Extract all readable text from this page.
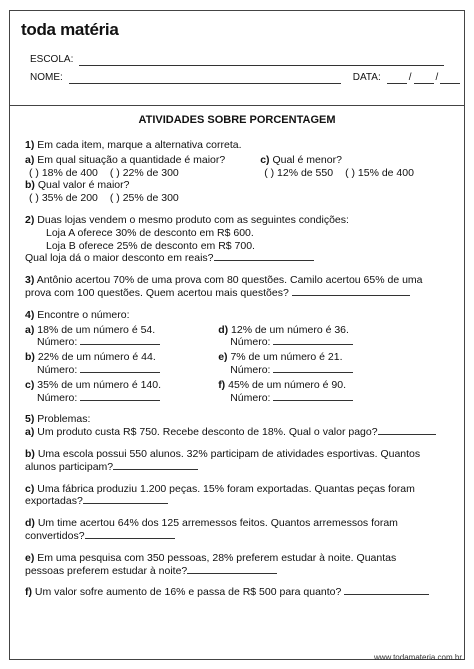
toda matéria
ESCOLA:
NOME:	DATA:	/ /
ATIVIDADES SOBRE PORCENTAGEM

1) Em cada item, marque a alternativa correta.

a) Em qual situação a quantidade é maior?

( ) 18% de 400 ( ) 22% de 300

b) Qual valor é maior?

( ) 35% de 200 ( ) 25% de 300

c) Qual é menor?

( ) 12% de 550 ( ) 15% de 400

2) Duas lojas vendem o mesmo produto com as seguintes condições:

Loja A oferece 30% de desconto em R$ 600.

Loja B oferece 25% de desconto em R$ 700.

Qual loja dá o maior desconto em reais?

3) Antônio acertou 70% de uma prova com 80 questões. Camilo acertou 65% de uma

prova com 100 questões. Quem acertou mais questões?

4) Encontre o número:

a) 18% de um número é 54.

Número:

b) 22% de um número é 44.

Número:

c) 35% de um número é 140.

Número:

d) 12% de um número é 36.

Número:

e) 7% de um número é 21.

Número:

f) 45% de um número é 90.

Número:

5) Problemas:

a) Um produto custa R$ 750. Recebe desconto de 18%. Qual o valor pago?

b) Uma escola possui 550 alunos. 32% participam de atividades esportivas. Quantos

alunos participam?

c) Uma fábrica produziu 1.200 peças. 15% foram exportadas. Quantas peças foram

exportadas?

d) Um time acertou 64% dos 125 arremessos feitos. Quantos arremessos foram

convertidos?

e) Em uma pesquisa com 350 pessoas, 28% preferem estudar à noite. Quantas

pessoas preferem estudar à noite?

f) Um valor sofre aumento de 16% e passa de R$ 500 para quanto?

www.todamateria.com.br
